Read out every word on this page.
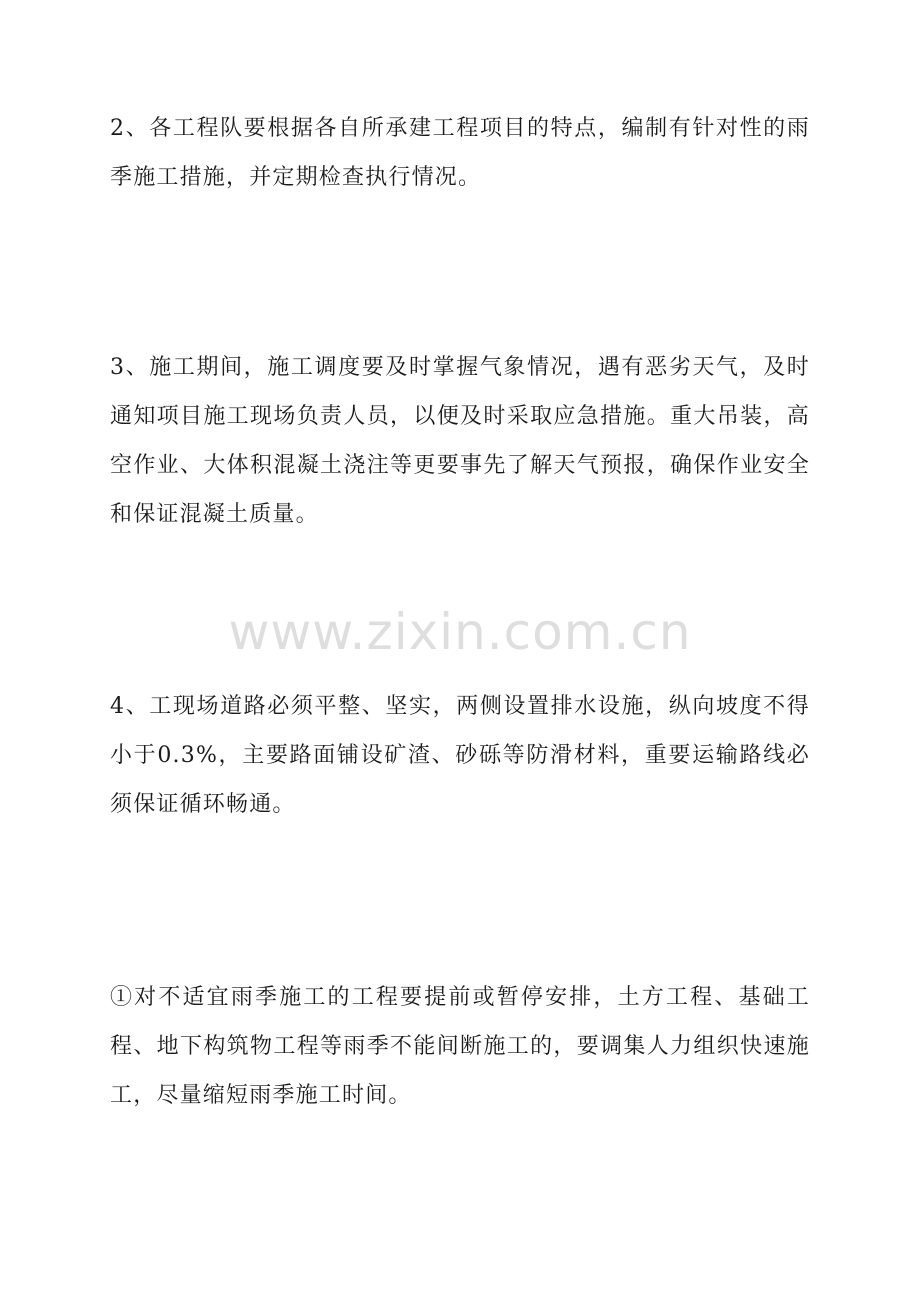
2、各工程队要根据各自所承建工程项目的特点，编制有针对性的雨季施工措施，并定期检查执行情况。

3、施工期间，施工调度要及时掌握气象情况，遇有恶劣天气，及时通知项目施工现场负责人员，以便及时采取应急措施。重大吊装，高空作业、大体积混凝土浇注等更要事先了解天气预报，确保作业安全和保证混凝土质量。

www.zixin.com.cn

4、工现场道路必须平整、坚实，两侧设置排水设施，纵向坡度不得小于0.3%，主要路面铺设矿渣、砂砾等防滑材料，重要运输路线必须保证循环畅通。

①对不适宜雨季施工的工程要提前或暂停安排，土方工程、基础工程、地下构筑物工程等雨季不能间断施工的，要调集人力组织快速施工，尽量缩短雨季施工时间。
